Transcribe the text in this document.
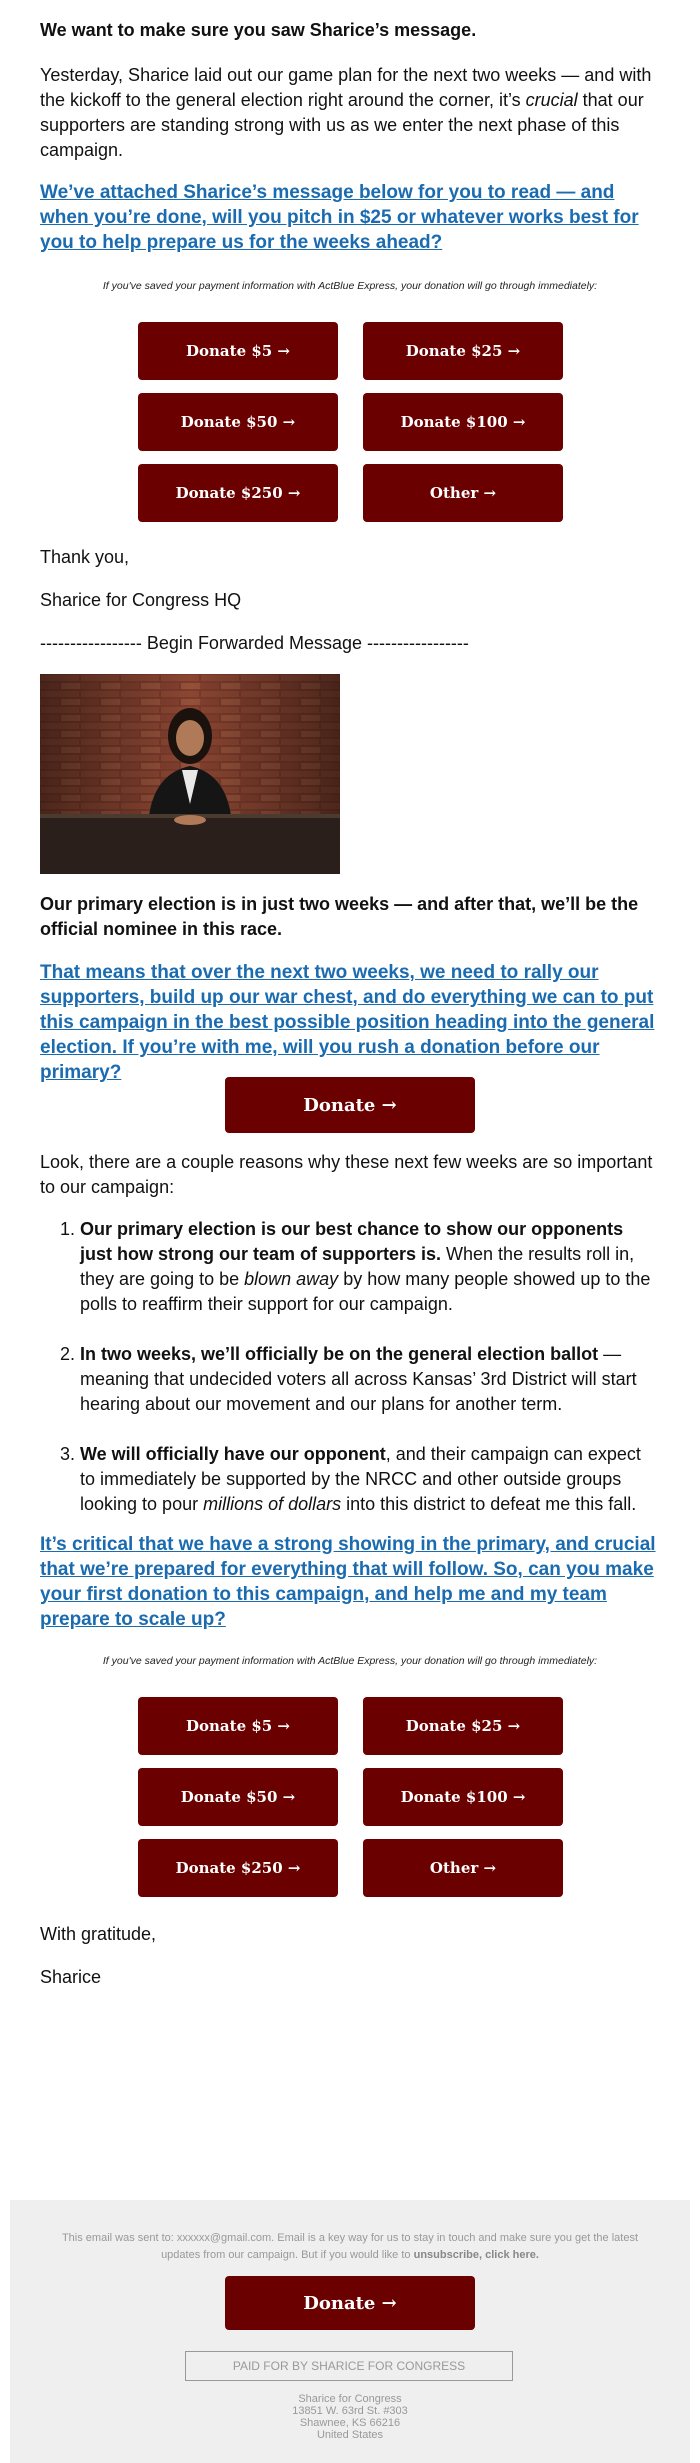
We want to make sure you saw Sharice’s message.

Yesterday, Sharice laid out our game plan for the next two weeks — and with the kickoff to the general election right around the corner, it’s crucial that our supporters are standing strong with us as we enter the next phase of this campaign.

We’ve attached Sharice’s message below for you to read — and when you’re done, will you pitch in $25 or whatever works best for you to help prepare us for the weeks ahead?
If you've saved your payment information with ActBlue Express, your donation will go through immediately:
Donate $5 →	Donate $25 →
Donate $50 →	Donate $100 →
Donate $250 →	Other →

Thank you,

Sharice for Congress HQ

----------------- Begin Forwarded Message -----------------

Our primary election is in just two weeks — and after that, we’ll be the official nominee in this race.

That means that over the next two weeks, we need to rally our supporters, build up our war chest, and do everything we can to put this campaign in the best possible position heading into the general election. If you’re with me, will you rush a donation before our primary?
Donate →

Look, there are a couple reasons why these next few weeks are so important to our campaign:

1. Our primary election is our best chance to show our opponents just how strong our team of supporters is. When the results roll in, they are going to be blown away by how many people showed up to the polls to reaffirm their support for our campaign.
2. In two weeks, we’ll officially be on the general election ballot — meaning that undecided voters all across Kansas’ 3rd District will start hearing about our movement and our plans for another term.
3. We will officially have our opponent, and their campaign can expect to immediately be supported by the NRCC and other outside groups looking to pour millions of dollars into this district to defeat me this fall.
It’s critical that we have a strong showing in the primary, and crucial that we’re prepared for everything that will follow. So, can you make your first donation to this campaign, and help me and my team prepare to scale up?
If you've saved your payment information with ActBlue Express, your donation will go through immediately:
Donate $5 →	Donate $25 →
Donate $50 →	Donate $100 →
Donate $250 →	Other →

With gratitude,

Sharice

This email was sent to: xxxxxx@gmail.com. Email is a key way for us to stay in touch and make sure you get the latest updates from our campaign. But if you would like to unsubscribe, click here.
Donate →
PAID FOR BY SHARICE FOR CONGRESS
Sharice for Congress
13851 W. 63rd St. #303
Shawnee, KS 66216
United States
